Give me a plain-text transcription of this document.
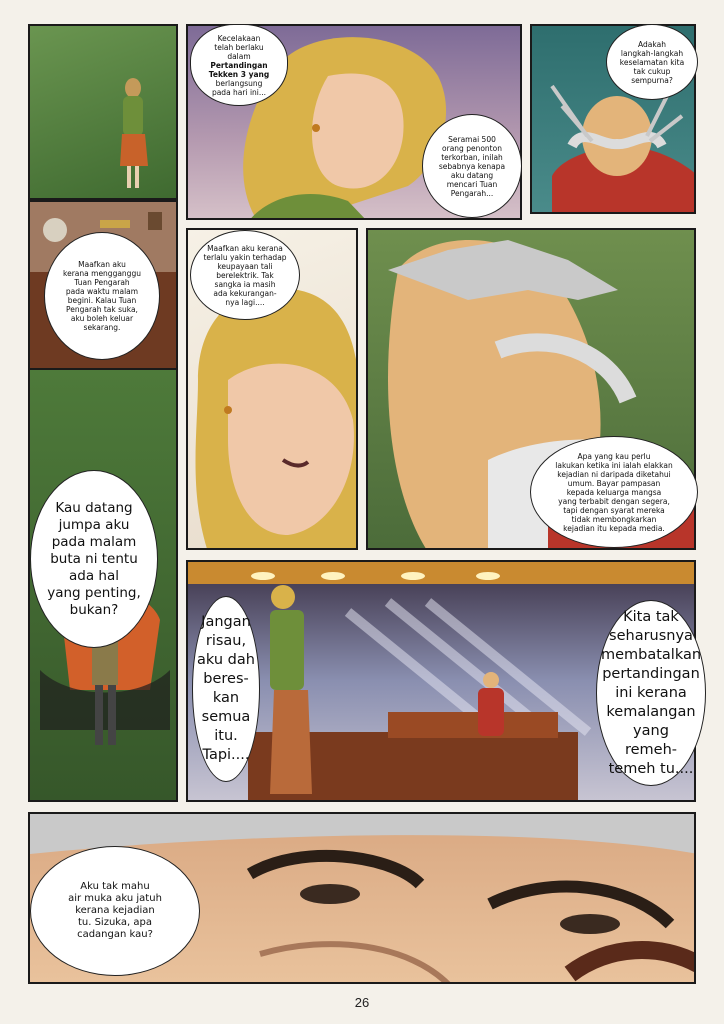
Kecelakaan
telah berlaku
dalam
Pertandingan
Tekken 3 yang
berlangsung
pada hari ini...
Seramai 500
orang penonton
terkorban, inilah
sebabnya kenapa
aku datang
mencari Tuan
Pengarah...
Adakah
langkah-langkah
keselamatan kita
tak cukup
sempurna?
Maafkan aku
kerana mengganggu
Tuan Pengarah
pada waktu malam
begini. Kalau Tuan
Pengarah tak suka,
aku boleh keluar
sekarang.
Kau datang
jumpa aku
pada malam
buta ni tentu
ada hal
yang penting,
bukan?
Maafkan aku kerana
terlalu yakin terhadap
keupayaan tali
berelektrik. Tak
sangka ia masih
ada kekurangan-
nya lagi....
Apa yang kau perlu
lakukan ketika ini ialah elakkan
kejadian ni daripada diketahui
umum. Bayar pampasan
kepada keluarga mangsa
yang terbabit dengan segera,
tapi dengan syarat mereka
tidak membongkarkan
kejadian itu kepada media.
Jangan
risau,
aku dah
beres-
kan
semua
itu.
Tapi....
Kita tak
seharusnya
membatalkan
pertandingan
ini kerana
kemalangan
yang
remeh-
temeh tu....
Aku tak mahu
air muka aku jatuh
kerana kejadian
tu. Sizuka, apa
cadangan kau?
26
